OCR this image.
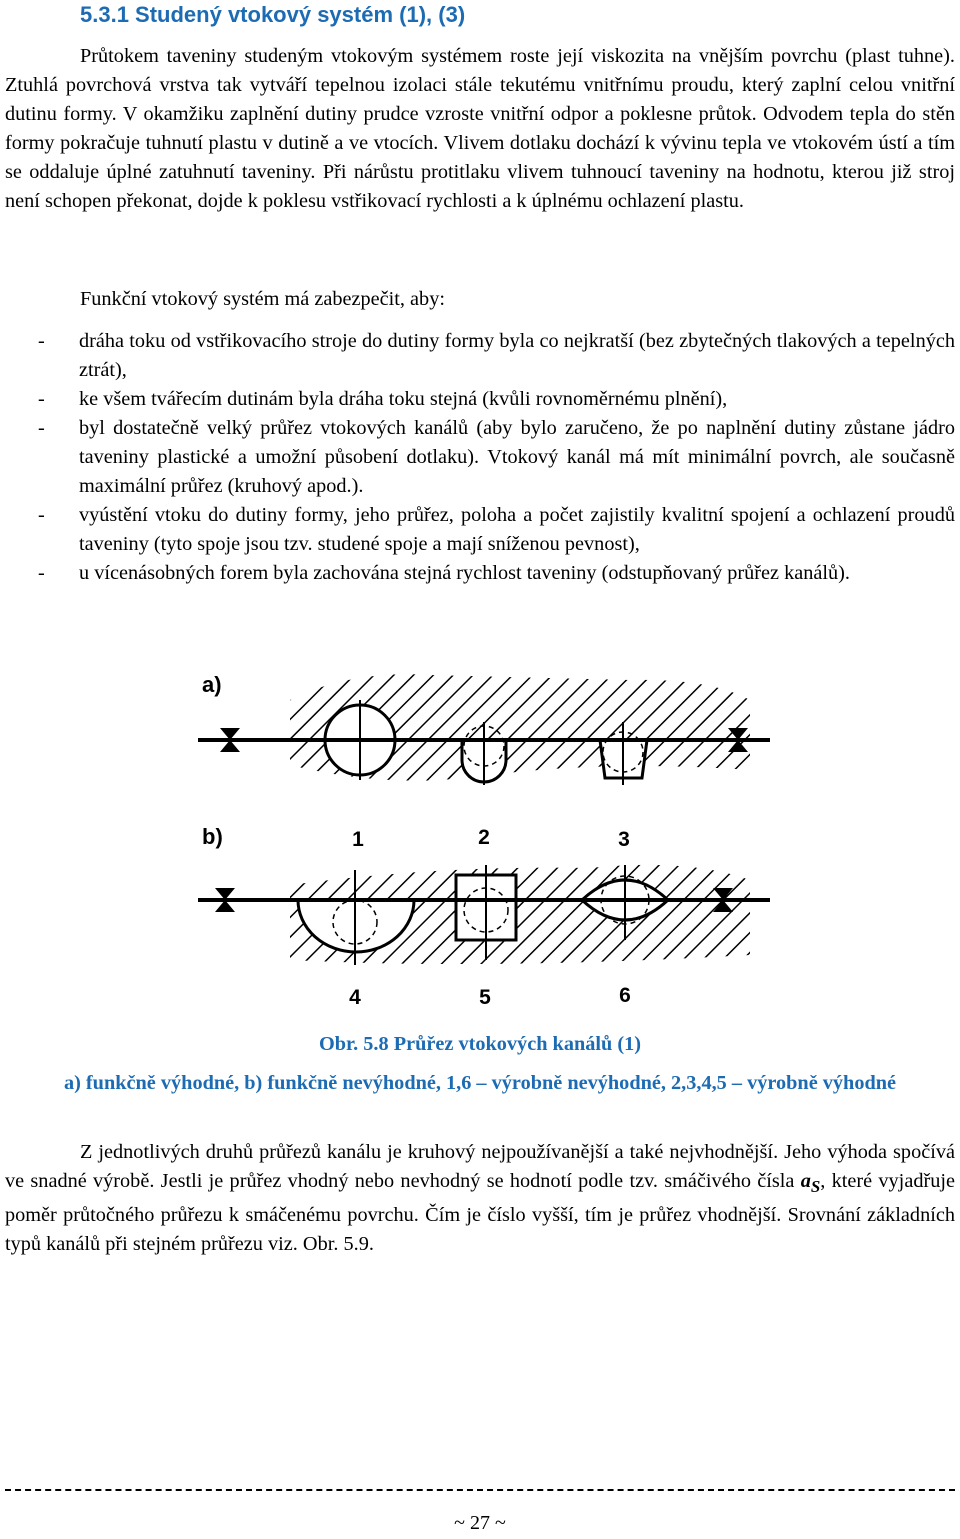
5.3.1 Studený vtokový systém (1), (3)

Průtokem taveniny studeným vtokovým systémem roste její viskozita na vnějším povrchu (plast tuhne). Ztuhlá povrchová vrstva tak vytváří tepelnou izolaci stále tekutému vnitřnímu proudu, který zaplní celou vnitřní dutinu formy. V okamžiku zaplnění dutiny prudce vzroste vnitřní odpor a poklesne průtok. Odvodem tepla do stěn formy pokračuje tuhnutí plastu v dutině a ve vtocích. Vlivem dotlaku dochází k vývinu tepla ve vtokovém ústí a tím se oddaluje úplné zatuhnutí taveniny. Při nárůstu protitlaku vlivem tuhnoucí taveniny na hodnotu, kterou již stroj není schopen překonat, dojde k poklesu vstřikovací rychlosti a k úplnému ochlazení plastu.

Funkční vtokový systém má zabezpečit, aby:

- dráha toku od vstřikovacího stroje do dutiny formy byla co nejkratší (bez zbytečných tlakových a tepelných ztrát),
- ke všem tvářecím dutinám byla dráha toku stejná (kvůli rovnoměrnému plnění),
- byl dostatečně velký průřez vtokových kanálů (aby bylo zaručeno, že po naplnění dutiny zůstane jádro taveniny plastické a umožní působení dotlaku). Vtokový kanál má mít minimální povrch, ale současně maximální průřez (kruhový apod.).
- vyústění vtoku do dutiny formy, jeho průřez, poloha a počet zajistily kvalitní spojení a ochlazení proudů taveniny (tyto spoje jsou tzv. studené spoje a mají sníženou pevnost),
- u vícenásobných forem byla zachována stejná rychlost taveniny (odstupňovaný průřez kanálů).
a)
1	2	3
b)
4	5	6

Obr. 5.8 Průřez vtokových kanálů (1)

a) funkčně výhodné, b) funkčně nevýhodné, 1,6 – výrobně nevýhodné, 2,3,4,5 – výrobně výhodné

Z jednotlivých druhů průřezů kanálu je kruhový nejpoužívanější a také nejvhodnější. Jeho výhoda spočívá ve snadné výrobě. Jestli je průřez vhodný nebo nevhodný se hodnotí podle tzv. smáčivého čísla $a_S$, které vyjadřuje poměr průtočného průřezu k smáčenému povrchu. Čím je číslo vyšší, tím je průřez vhodnější. Srovnání základních typů kanálů při stejném průřezu viz. Obr. 5.9.

~ 27 ~
